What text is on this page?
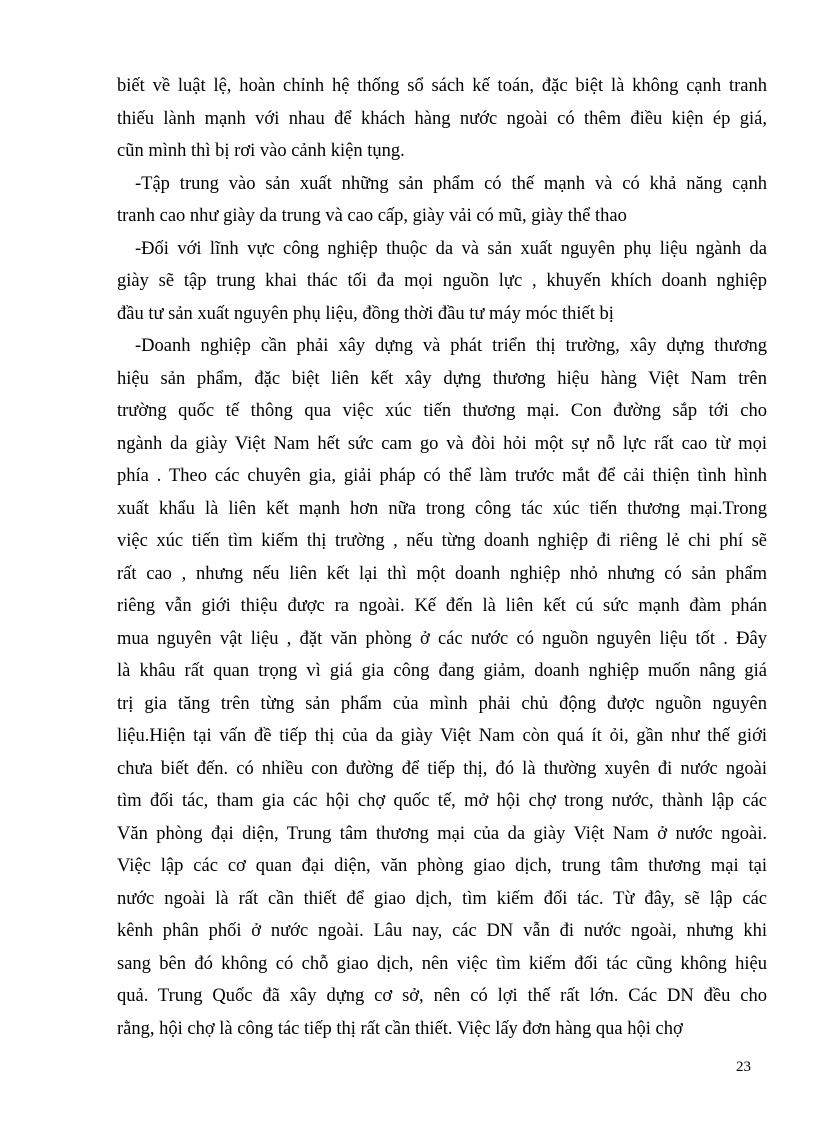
biết về luật lệ, hoàn chỉnh hệ thống sổ sách kế toán, đặc biệt là không cạnh tranh
thiếu lành mạnh với nhau để khách hàng nước ngoài có thêm điều kiện ép giá,
cũn mình thì bị rơi vào cảnh kiện tụng.
-Tập trung vào sản xuất những sản phẩm có thế mạnh và có khả năng cạnh
tranh cao như giày da trung và cao cấp, giày vải có mũ, giày thể thao
-Đối với lĩnh vực công nghiệp thuộc da và sản xuất nguyên phụ liệu ngành da
giày sẽ tập trung khai thác tối đa mọi nguồn lực , khuyến khích doanh nghiệp
đầu tư sản xuất nguyên phụ liệu, đồng thời đầu tư máy móc thiết bị
-Doanh nghiệp cần phải xây dựng và phát triển thị trường, xây dựng thương
hiệu sản phẩm, đặc biệt liên kết xây dựng thương hiệu hàng Việt Nam trên
trường quốc tế thông qua việc xúc tiến thương mại. Con đường sắp tới cho
ngành da giày Việt Nam hết sức cam go và đòi hỏi một sự nỗ lực rất cao từ mọi
phía . Theo các chuyên gia, giải pháp có thể làm trước mắt để cải thiện tình hình
xuất khẩu là liên kết mạnh hơn nữa trong công tác xúc tiến thương mại.Trong
việc xúc tiến tìm kiếm thị trường , nếu từng doanh nghiệp đi riêng lẻ chi phí sẽ
rất cao , nhưng nếu liên kết lại thì một doanh nghiệp nhỏ nhưng có sản phẩm
riêng vẫn giới thiệu được ra ngoài. Kế đến là liên kết cú sức mạnh đàm phán
mua nguyên vật liệu , đặt văn phòng ở các nước có nguồn nguyên liệu tốt . Đây
là khâu rất quan trọng vì giá gia công đang giảm, doanh nghiệp muốn nâng giá
trị gia tăng trên từng sản phẩm của mình phải chủ động được nguồn nguyên
liệu.Hiện tại vấn đề tiếp thị của da giày Việt Nam còn quá ít ỏi, gần như thế giới
chưa biết đến. có nhiều con đường để tiếp thị, đó là thường xuyên đi nước ngoài
tìm đối tác, tham gia các hội chợ quốc tế, mở hội chợ trong nước, thành lập các
Văn phòng đại diện, Trung tâm thương mại của da giày Việt Nam ở nước ngoài.
Việc lập các cơ quan đại diện, văn phòng giao dịch, trung tâm thương mại tại
nước ngoài là rất cần thiết để giao dịch, tìm kiếm đối tác. Từ đây, sẽ lập các
kênh phân phối ở nước ngoài. Lâu nay, các DN vẫn đi nước ngoài, nhưng khi
sang bên đó không có chỗ giao dịch, nên việc tìm kiếm đối tác cũng không hiệu
quả. Trung Quốc đã xây dựng cơ sở, nên có lợi thế rất lớn. Các DN đều cho
rằng, hội chợ là công tác tiếp thị rất cần thiết. Việc lấy đơn hàng qua hội chợ
23
